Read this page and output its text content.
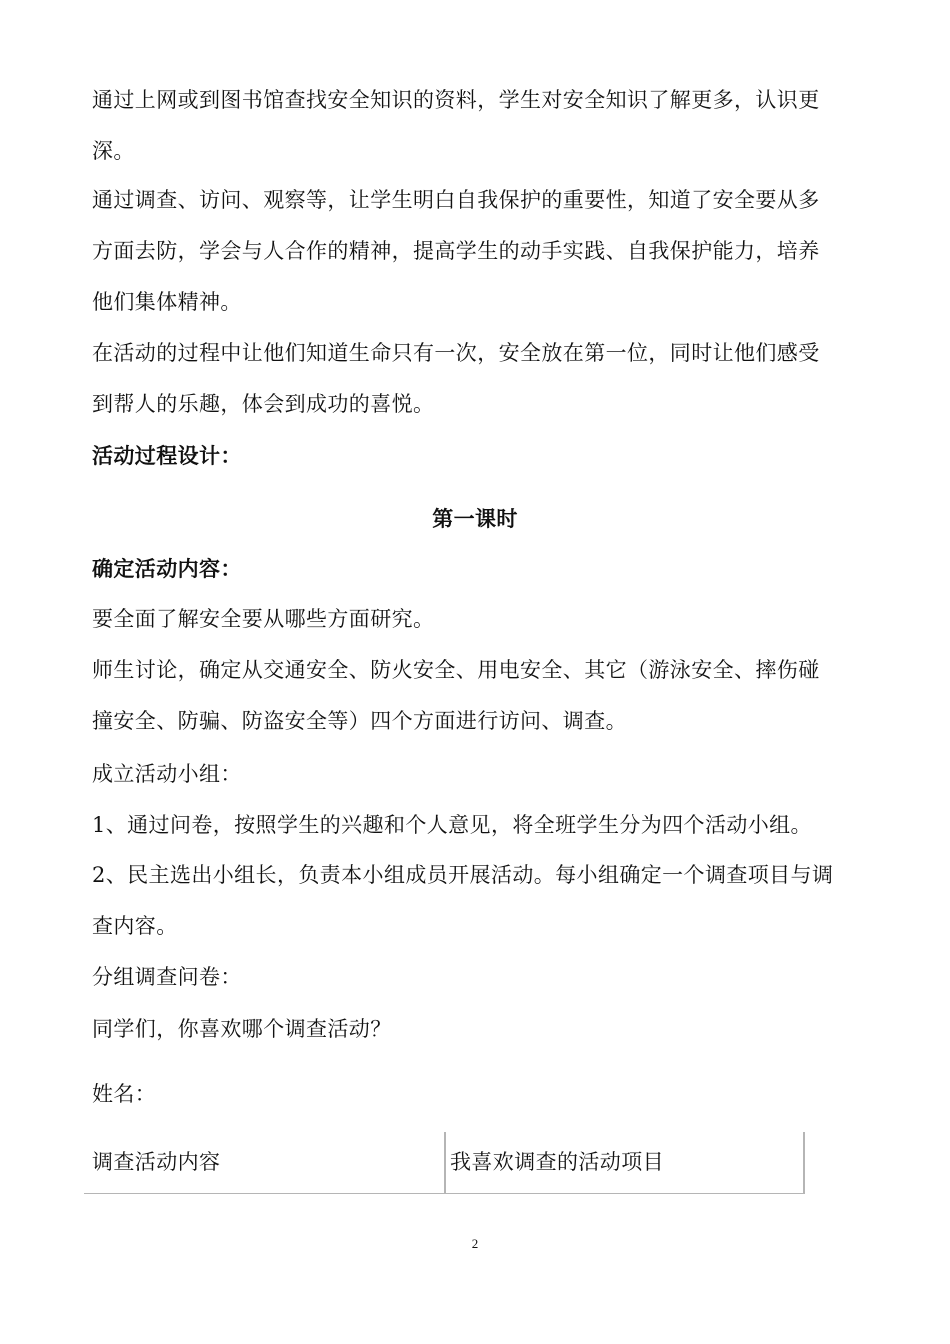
通过上网或到图书馆查找安全知识的资料，学生对安全知识了解更多，认识更
深。
通过调查、访问、观察等，让学生明白自我保护的重要性，知道了安全要从多
方面去防，学会与人合作的精神，提高学生的动手实践、自我保护能力，培养
他们集体精神。
在活动的过程中让他们知道生命只有一次，安全放在第一位，同时让他们感受
到帮人的乐趣，体会到成功的喜悦。
活动过程设计：
第一课时
确定活动内容：
要全面了解安全要从哪些方面研究。
师生讨论，确定从交通安全、防火安全、用电安全、其它（游泳安全、摔伤碰
撞安全、防骗、防盗安全等）四个方面进行访问、调查。
成立活动小组：
1、通过问卷，按照学生的兴趣和个人意见，将全班学生分为四个活动小组。
2、民主选出小组长，负责本小组成员开展活动。每小组确定一个调查项目与调
查内容。
分组调查问卷：
同学们，你喜欢哪个调查活动？
姓名：
调查活动内容	我喜欢调查的活动项目
2
